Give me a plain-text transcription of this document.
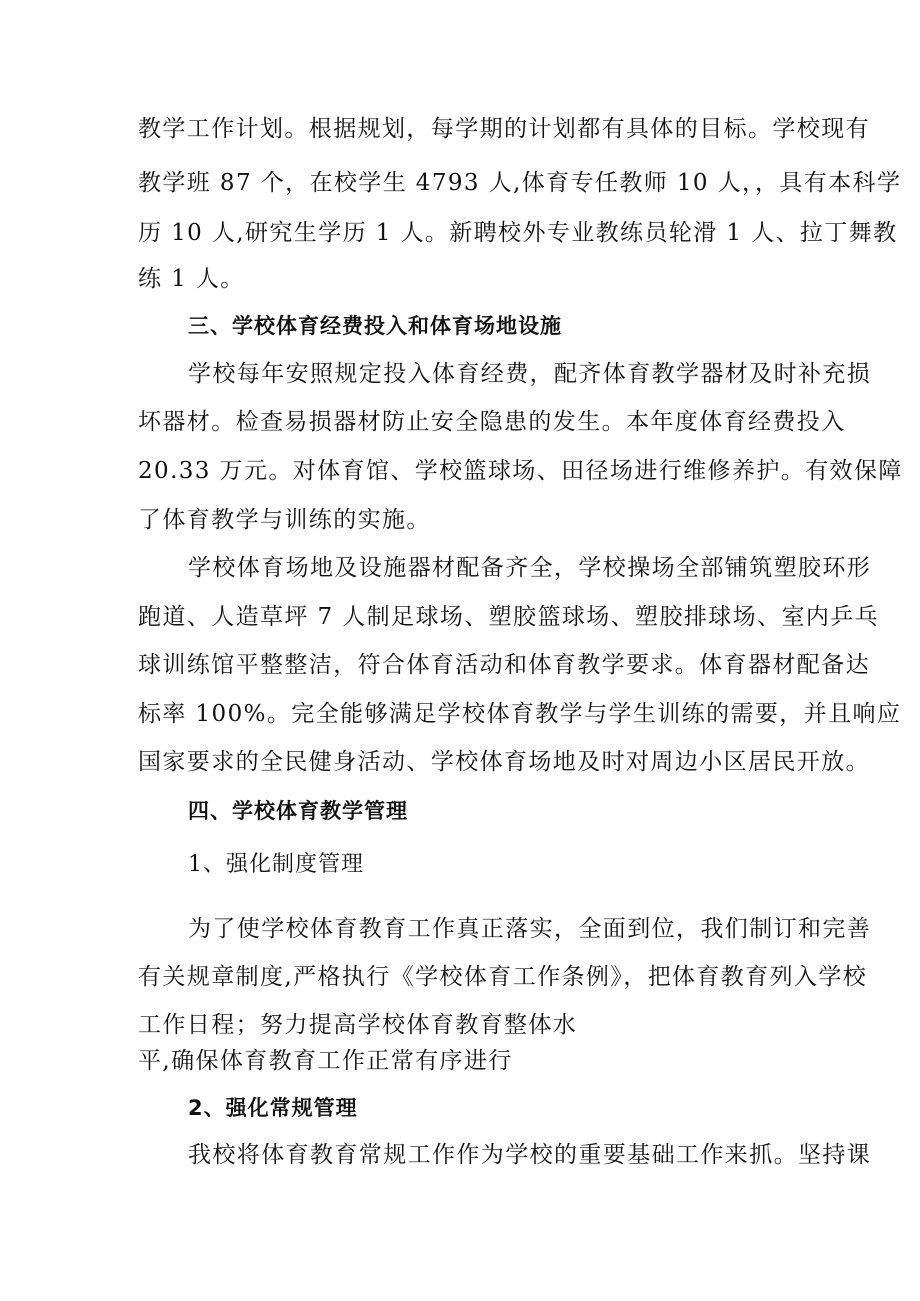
教学工作计划。根据规划，每学期的计划都有具体的目标。学校现有
教学班 87 个，在校学生 4793 人,体育专任教师 10 人，，具有本科学
历 10 人,研究生学历 1 人。新聘校外专业教练员轮滑 1 人、拉丁舞教
练 1 人。
三、学校体育经费投入和体育场地设施
学校每年安照规定投入体育经费，配齐体育教学器材及时补充损
坏器材。检查易损器材防止安全隐患的发生。本年度体育经费投入
20.33 万元。对体育馆、学校篮球场、田径场进行维修养护。有效保障
了体育教学与训练的实施。
学校体育场地及设施器材配备齐全，学校操场全部铺筑塑胶环形
跑道、人造草坪 7 人制足球场、塑胶篮球场、塑胶排球场、室内乒乓
球训练馆平整整洁，符合体育活动和体育教学要求。体育器材配备达
标率 100%。完全能够满足学校体育教学与学生训练的需要，并且响应
国家要求的全民健身活动、学校体育场地及时对周边小区居民开放。
四、学校体育教学管理
1、强化制度管理
为了使学校体育教育工作真正落实，全面到位，我们制订和完善
有关规章制度,严格执行《学校体育工作条例》，把体育教育列入学校
工作日程；努力提高学校体育教育整体水
平,确保体育教育工作正常有序进行
2、强化常规管理
我校将体育教育常规工作作为学校的重要基础工作来抓。坚持课
